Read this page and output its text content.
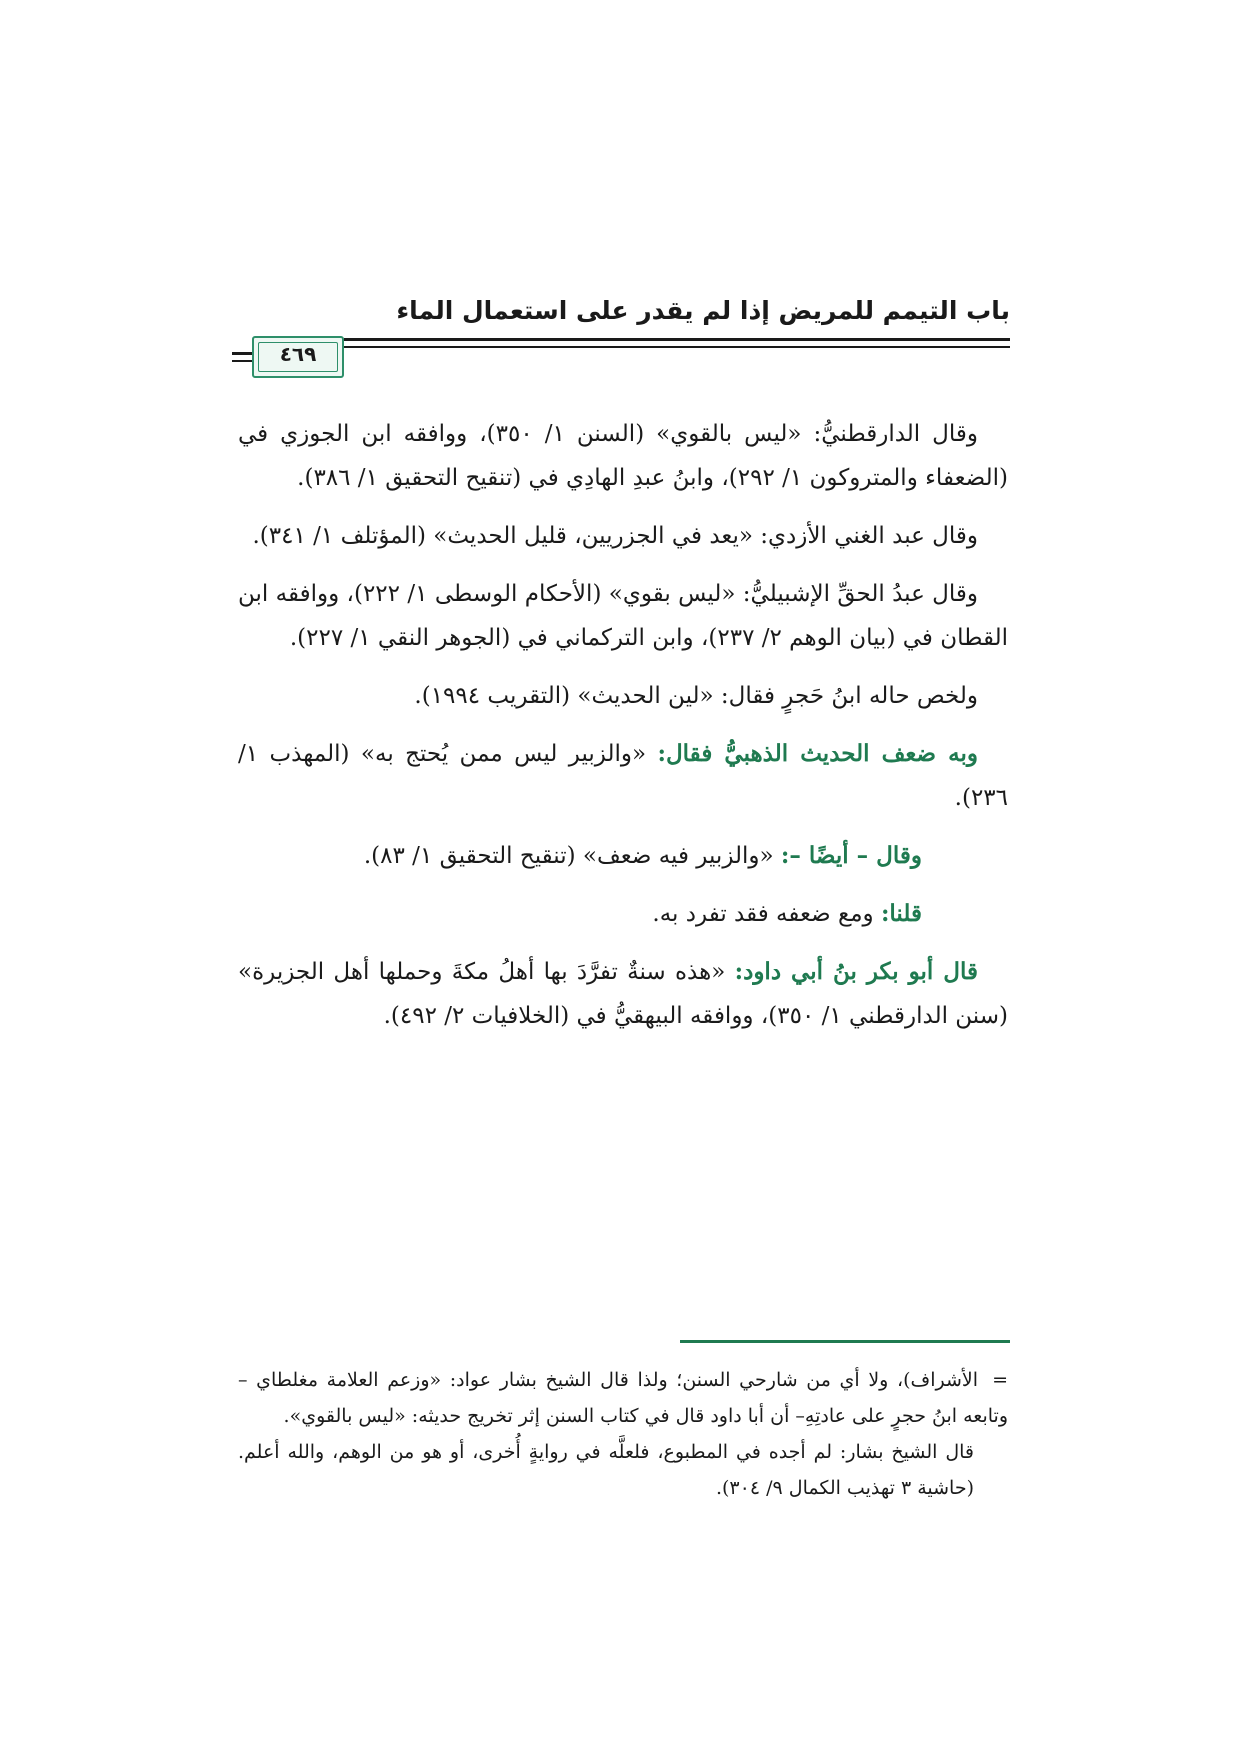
باب التيمم للمريض إذا لم يقدر على استعمال الماء
٤٦٩

وقال الدارقطنيُّ: «ليس بالقوي» (السنن ١/ ٣٥٠)، ووافقه ابن الجوزي في (الضعفاء والمتروكون ١/ ٢٩٢)، وابنُ عبدِ الهادِي في (تنقيح التحقيق ١/ ٣٨٦).

وقال عبد الغني الأزدي: «يعد في الجزريين، قليل الحديث» (المؤتلف ١/ ٣٤١).

وقال عبدُ الحقِّ الإشبيليُّ: «ليس بقوي» (الأحكام الوسطى ١/ ٢٢٢)، ووافقه ابن القطان في (بيان الوهم ٢/ ٢٣٧)، وابن التركماني في (الجوهر النقي ١/ ٢٢٧).

ولخص حاله ابنُ حَجرٍ فقال: «لين الحديث» (التقريب ١٩٩٤).

وبه ضعف الحديث الذهبيُّ فقال: «والزبير ليس ممن يُحتج به» (المهذب ١/ ٢٣٦).

وقال – أيضًا –: «والزبير فيه ضعف» (تنقيح التحقيق ١/ ٨٣).

قلنا: ومع ضعفه فقد تفرد به.

قال أبو بكر بنُ أبي داود: «هذه سنةٌ تفرَّدَ بها أهلُ مكةَ وحملها أهل الجزيرة» (سنن الدارقطني ١/ ٣٥٠)، ووافقه البيهقيُّ في (الخلافيات ٢/ ٤٩٢).

=الأشراف)، ولا أي من شارحي السنن؛ ولذا قال الشيخ بشار عواد: «وزعم العلامة مغلطاي –وتابعه ابنُ حجرٍ على عادتِهِ– أن أبا داود قال في كتاب السنن إثر تخريج حديثه: «ليس بالقوي».

قال الشيخ بشار: لم أجده في المطبوع، فلعلَّه في روايةٍ أُخرى، أو هو من الوهم، والله أعلم. (حاشية ٣ تهذيب الكمال ٩/ ٣٠٤).
